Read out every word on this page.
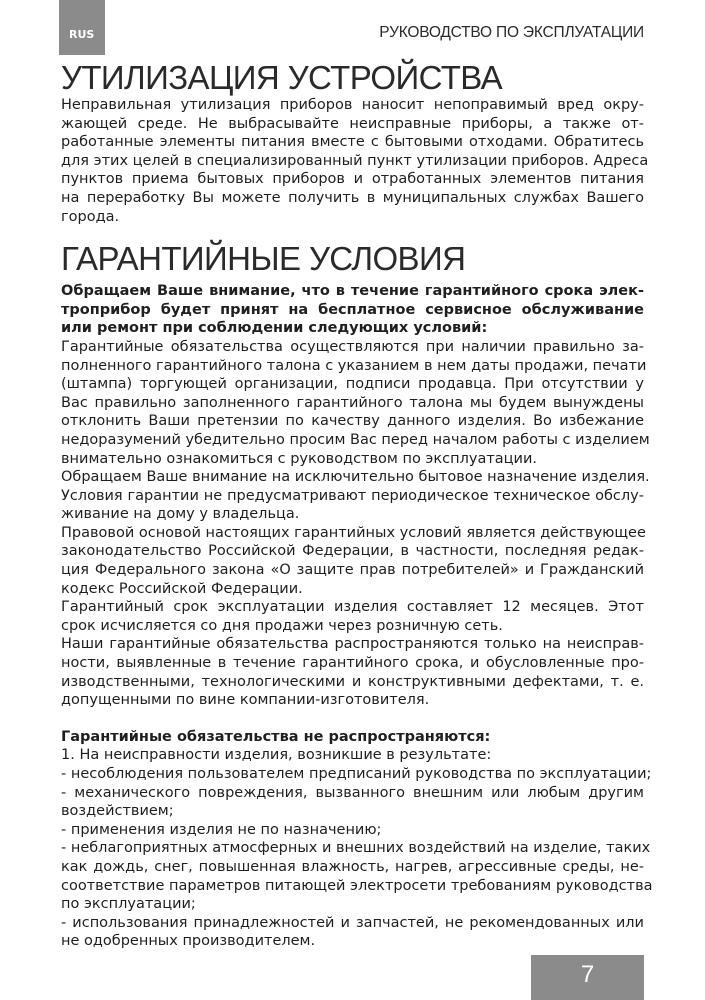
RUS	РУКОВОДСТВО ПО ЭКСПЛУАТАЦИИ
УТИЛИЗАЦИЯ УСТРОЙСТВА
Неправильная утилизация приборов наносит непоправимый вред окру-
жающей среде. Не выбрасывайте неисправные приборы, а также от-
работанные элементы питания вместе с бытовыми отходами. Обратитесь
для этих целей в специализированный пункт утилизации приборов. Адреса
пунктов приема бытовых приборов и отработанных элементов питания
на переработку Вы можете получить в муниципальных службах Вашего
города.
ГАРАНТИЙНЫЕ УСЛОВИЯ
Обращаем Ваше внимание, что в течение гарантийного срока элек-
троприбор будет принят на бесплатное сервисное обслуживание
или ремонт при соблюдении следующих условий:
Гарантийные обязательства осуществляются при наличии правильно за-
полненного гарантийного талона с указанием в нем даты продажи, печати
(штампа) торгующей организации, подписи продавца. При отсутствии у
Вас правильно заполненного гарантийного талона мы будем вынуждены
отклонить Ваши претензии по качеству данного изделия. Во избежание
недоразумений убедительно просим Вас перед началом работы с изделием
внимательно ознакомиться с руководством по эксплуатации.
Обращаем Ваше внимание на исключительно бытовое назначение изделия.
Условия гарантии не предусматривают периодическое техническое обслу-
живание на дому у владельца.
Правовой основой настоящих гарантийных условий является действующее
законодательство Российской Федерации, в частности, последняя редак-
ция Федерального закона «О защите прав потребителей» и Гражданский
кодекс Российской Федерации.
Гарантийный срок эксплуатации изделия составляет 12 месяцев. Этот
срок исчисляется со дня продажи через розничную сеть.
Наши гарантийные обязательства распространяются только на неисправ-
ности, выявленные в течение гарантийного срока, и обусловленные про-
изводственными, технологическими и конструктивными дефектами, т. е.
допущенными по вине компании-изготовителя.
Гарантийные обязательства не распространяются:
1. На неисправности изделия, возникшие в результате:
- несоблюдения пользователем предписаний руководства по эксплуатации;
- механического повреждения, вызванного внешним или любым другим
воздействием;
- применения изделия не по назначению;
- неблагоприятных атмосферных и внешних воздействий на изделие, таких
как дождь, снег, повышенная влажность, нагрев, агрессивные среды, не-
соответствие параметров питающей электросети требованиям руководства
по эксплуатации;
- использования принадлежностей и запчастей, не рекомендованных или
не одобренных производителем.
7
